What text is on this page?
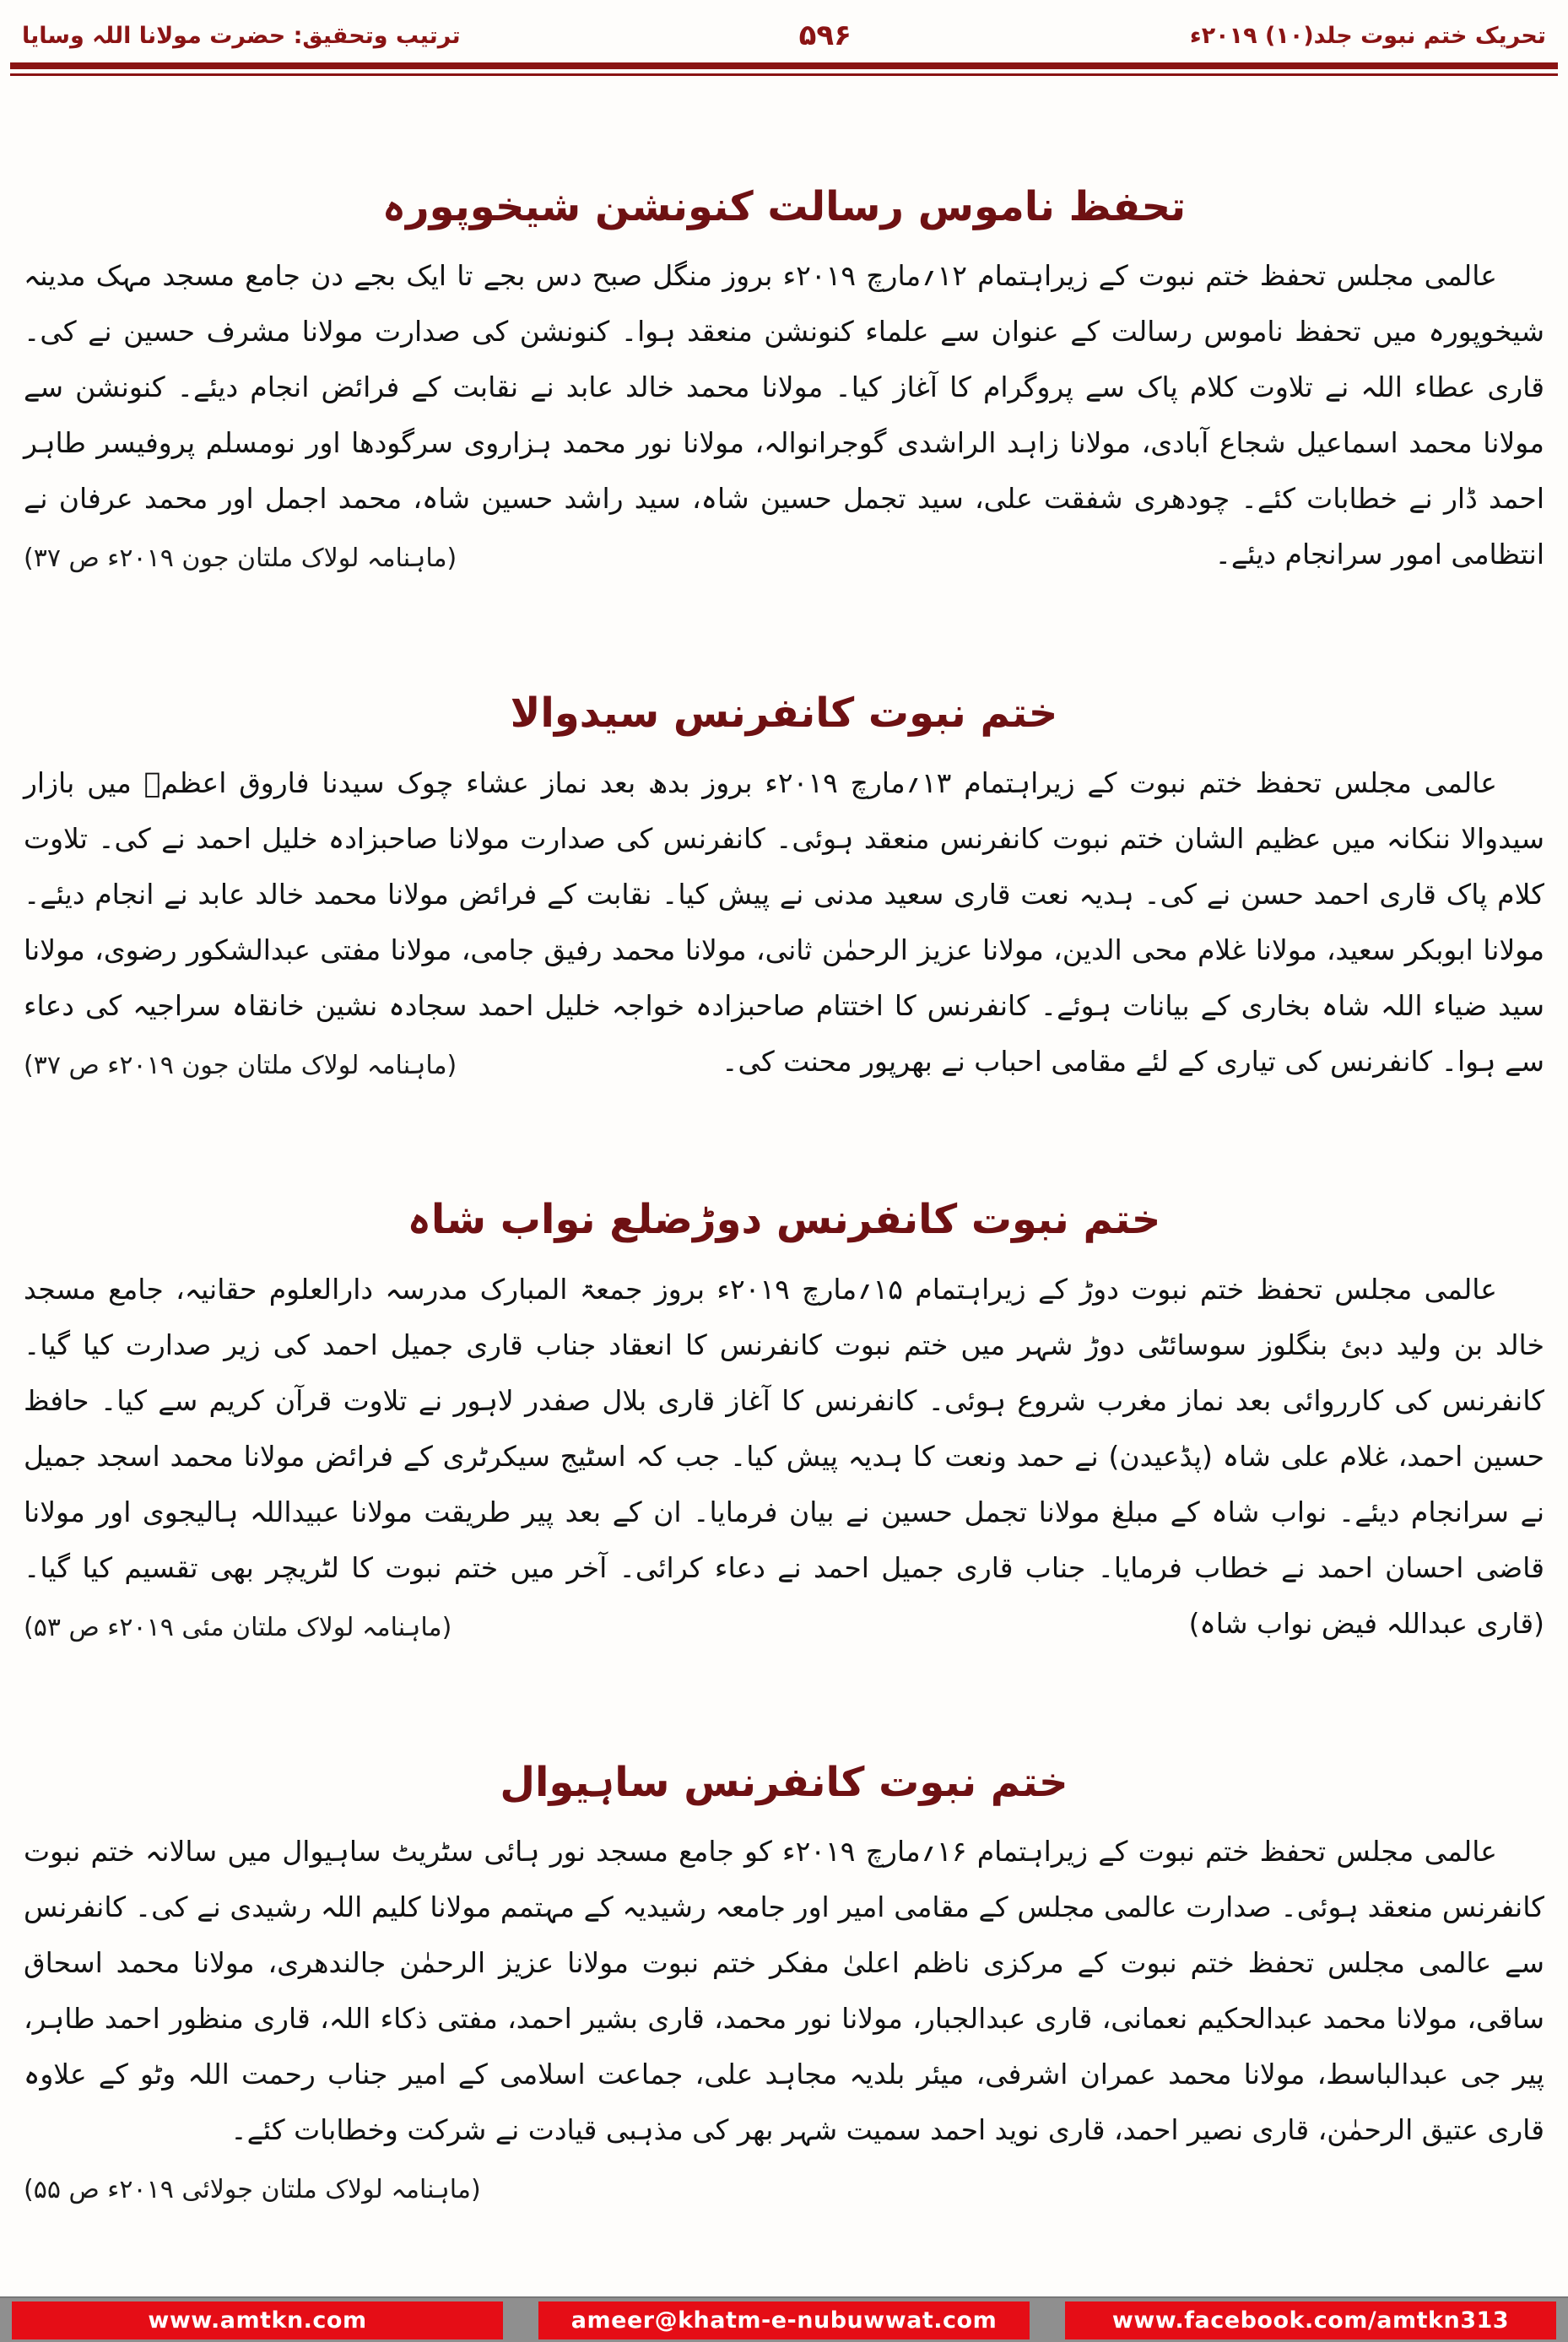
تحریک ختم نبوت جلد(۱۰) ۲۰۱۹ء
۵۹۶
ترتیب وتحقیق: حضرت مولانا اللہ وسایا
تحفظ ناموس رسالت کنونشن شیخوپورہ

عالمی مجلس تحفظ ختم نبوت کے زیراہتمام ۱۲؍مارچ ۲۰۱۹ء بروز منگل صبح دس بجے تا ایک بجے دن جامع مسجد مہک مدینہ شیخوپورہ میں تحفظ ناموس رسالت کے عنوان سے علماء کنونشن منعقد ہوا۔ کنونشن کی صدارت مولانا مشرف حسین نے کی۔ قاری عطاء اللہ نے تلاوت کلام پاک سے پروگرام کا آغاز کیا۔ مولانا محمد خالد عابد نے نقابت کے فرائض انجام دیئے۔ کنونشن سے مولانا محمد اسماعیل شجاع آبادی، مولانا زاہد الراشدی گوجرانوالہ، مولانا نور محمد ہزاروی سرگودھا اور نومسلم پروفیسر طاہر احمد ڈار نے خطابات کئے۔ چودھری شفقت علی، سید تجمل حسین شاہ، سید راشد حسین شاہ، محمد اجمل اور محمد عرفان نے انتظامی امور سرانجام دیئے۔
(ماہنامہ لولاک ملتان جون ۲۰۱۹ء ص ۳۷)

ختم نبوت کانفرنس سیدوالا

عالمی مجلس تحفظ ختم نبوت کے زیراہتمام ۱۳؍مارچ ۲۰۱۹ء بروز بدھ بعد نماز عشاء چوک سیدنا فاروق اعظمؓ میں بازار سیدوالا ننکانہ میں عظیم الشان ختم نبوت کانفرنس منعقد ہوئی۔ کانفرنس کی صدارت مولانا صاحبزادہ خلیل احمد نے کی۔ تلاوت کلام پاک قاری احمد حسن نے کی۔ ہدیہ نعت قاری سعید مدنی نے پیش کیا۔ نقابت کے فرائض مولانا محمد خالد عابد نے انجام دیئے۔ مولانا ابوبکر سعید، مولانا غلام محی الدین، مولانا عزیز الرحمٰن ثانی، مولانا محمد رفیق جامی، مولانا مفتی عبدالشکور رضوی، مولانا سید ضیاء اللہ شاہ بخاری کے بیانات ہوئے۔ کانفرنس کا اختتام صاحبزادہ خواجہ خلیل احمد سجادہ نشین خانقاہ سراجیہ کی دعاء سے ہوا۔ کانفرنس کی تیاری کے لئے مقامی احباب نے بھرپور محنت کی۔
(ماہنامہ لولاک ملتان جون ۲۰۱۹ء ص ۳۷)

ختم نبوت کانفرنس دوڑضلع نواب شاہ

عالمی مجلس تحفظ ختم نبوت دوڑ کے زیراہتمام ۱۵؍مارچ ۲۰۱۹ء بروز جمعۃ المبارک مدرسہ دارالعلوم حقانیہ، جامع مسجد خالد بن ولید دبئ بنگلوز سوسائٹی دوڑ شہر میں ختم نبوت کانفرنس کا انعقاد جناب قاری جمیل احمد کی زیر صدارت کیا گیا۔ کانفرنس کی کارروائی بعد نماز مغرب شروع ہوئی۔ کانفرنس کا آغاز قاری بلال صفدر لاہور نے تلاوت قرآن کریم سے کیا۔ حافظ حسین احمد، غلام علی شاہ (پڈعیدن) نے حمد ونعت کا ہدیہ پیش کیا۔ جب کہ اسٹیج سیکرٹری کے فرائض مولانا محمد اسجد جمیل نے سرانجام دیئے۔ نواب شاہ کے مبلغ مولانا تجمل حسین نے بیان فرمایا۔ ان کے بعد پیر طریقت مولانا عبیداللہ ہالیجوی اور مولانا قاضی احسان احمد نے خطاب فرمایا۔ جناب قاری جمیل احمد نے دعاء کرائی۔ آخر میں ختم نبوت کا لٹریچر بھی تقسیم کیا گیا۔ (قاری عبداللہ فیض نواب شاہ)
(ماہنامہ لولاک ملتان مئی ۲۰۱۹ء ص ۵۳)

ختم نبوت کانفرنس ساہیوال

عالمی مجلس تحفظ ختم نبوت کے زیراہتمام ۱۶؍مارچ ۲۰۱۹ء کو جامع مسجد نور ہائی سٹریٹ ساہیوال میں سالانہ ختم نبوت کانفرنس منعقد ہوئی۔ صدارت عالمی مجلس کے مقامی امیر اور جامعہ رشیدیہ کے مہتمم مولانا کلیم اللہ رشیدی نے کی۔ کانفرنس سے عالمی مجلس تحفظ ختم نبوت کے مرکزی ناظم اعلیٰ مفکر ختم نبوت مولانا عزیز الرحمٰن جالندھری، مولانا محمد اسحاق ساقی، مولانا محمد عبدالحکیم نعمانی، قاری عبدالجبار، مولانا نور محمد، قاری بشیر احمد، مفتی ذکاء اللہ، قاری منظور احمد طاہر، پیر جی عبدالباسط، مولانا محمد عمران اشرفی، میئر بلدیہ مجاہد علی، جماعت اسلامی کے امیر جناب رحمت اللہ وٹو کے علاوہ قاری عتیق الرحمٰن، قاری نصیر احمد، قاری نوید احمد سمیت شہر بھر کی مذہبی قیادت نے شرکت وخطابات کئے۔
(ماہنامہ لولاک ملتان جولائی ۲۰۱۹ء ص ۵۵)

www.amtkn.com	ameer@khatm-e-nubuwwat.com	www.facebook.com/amtkn313
